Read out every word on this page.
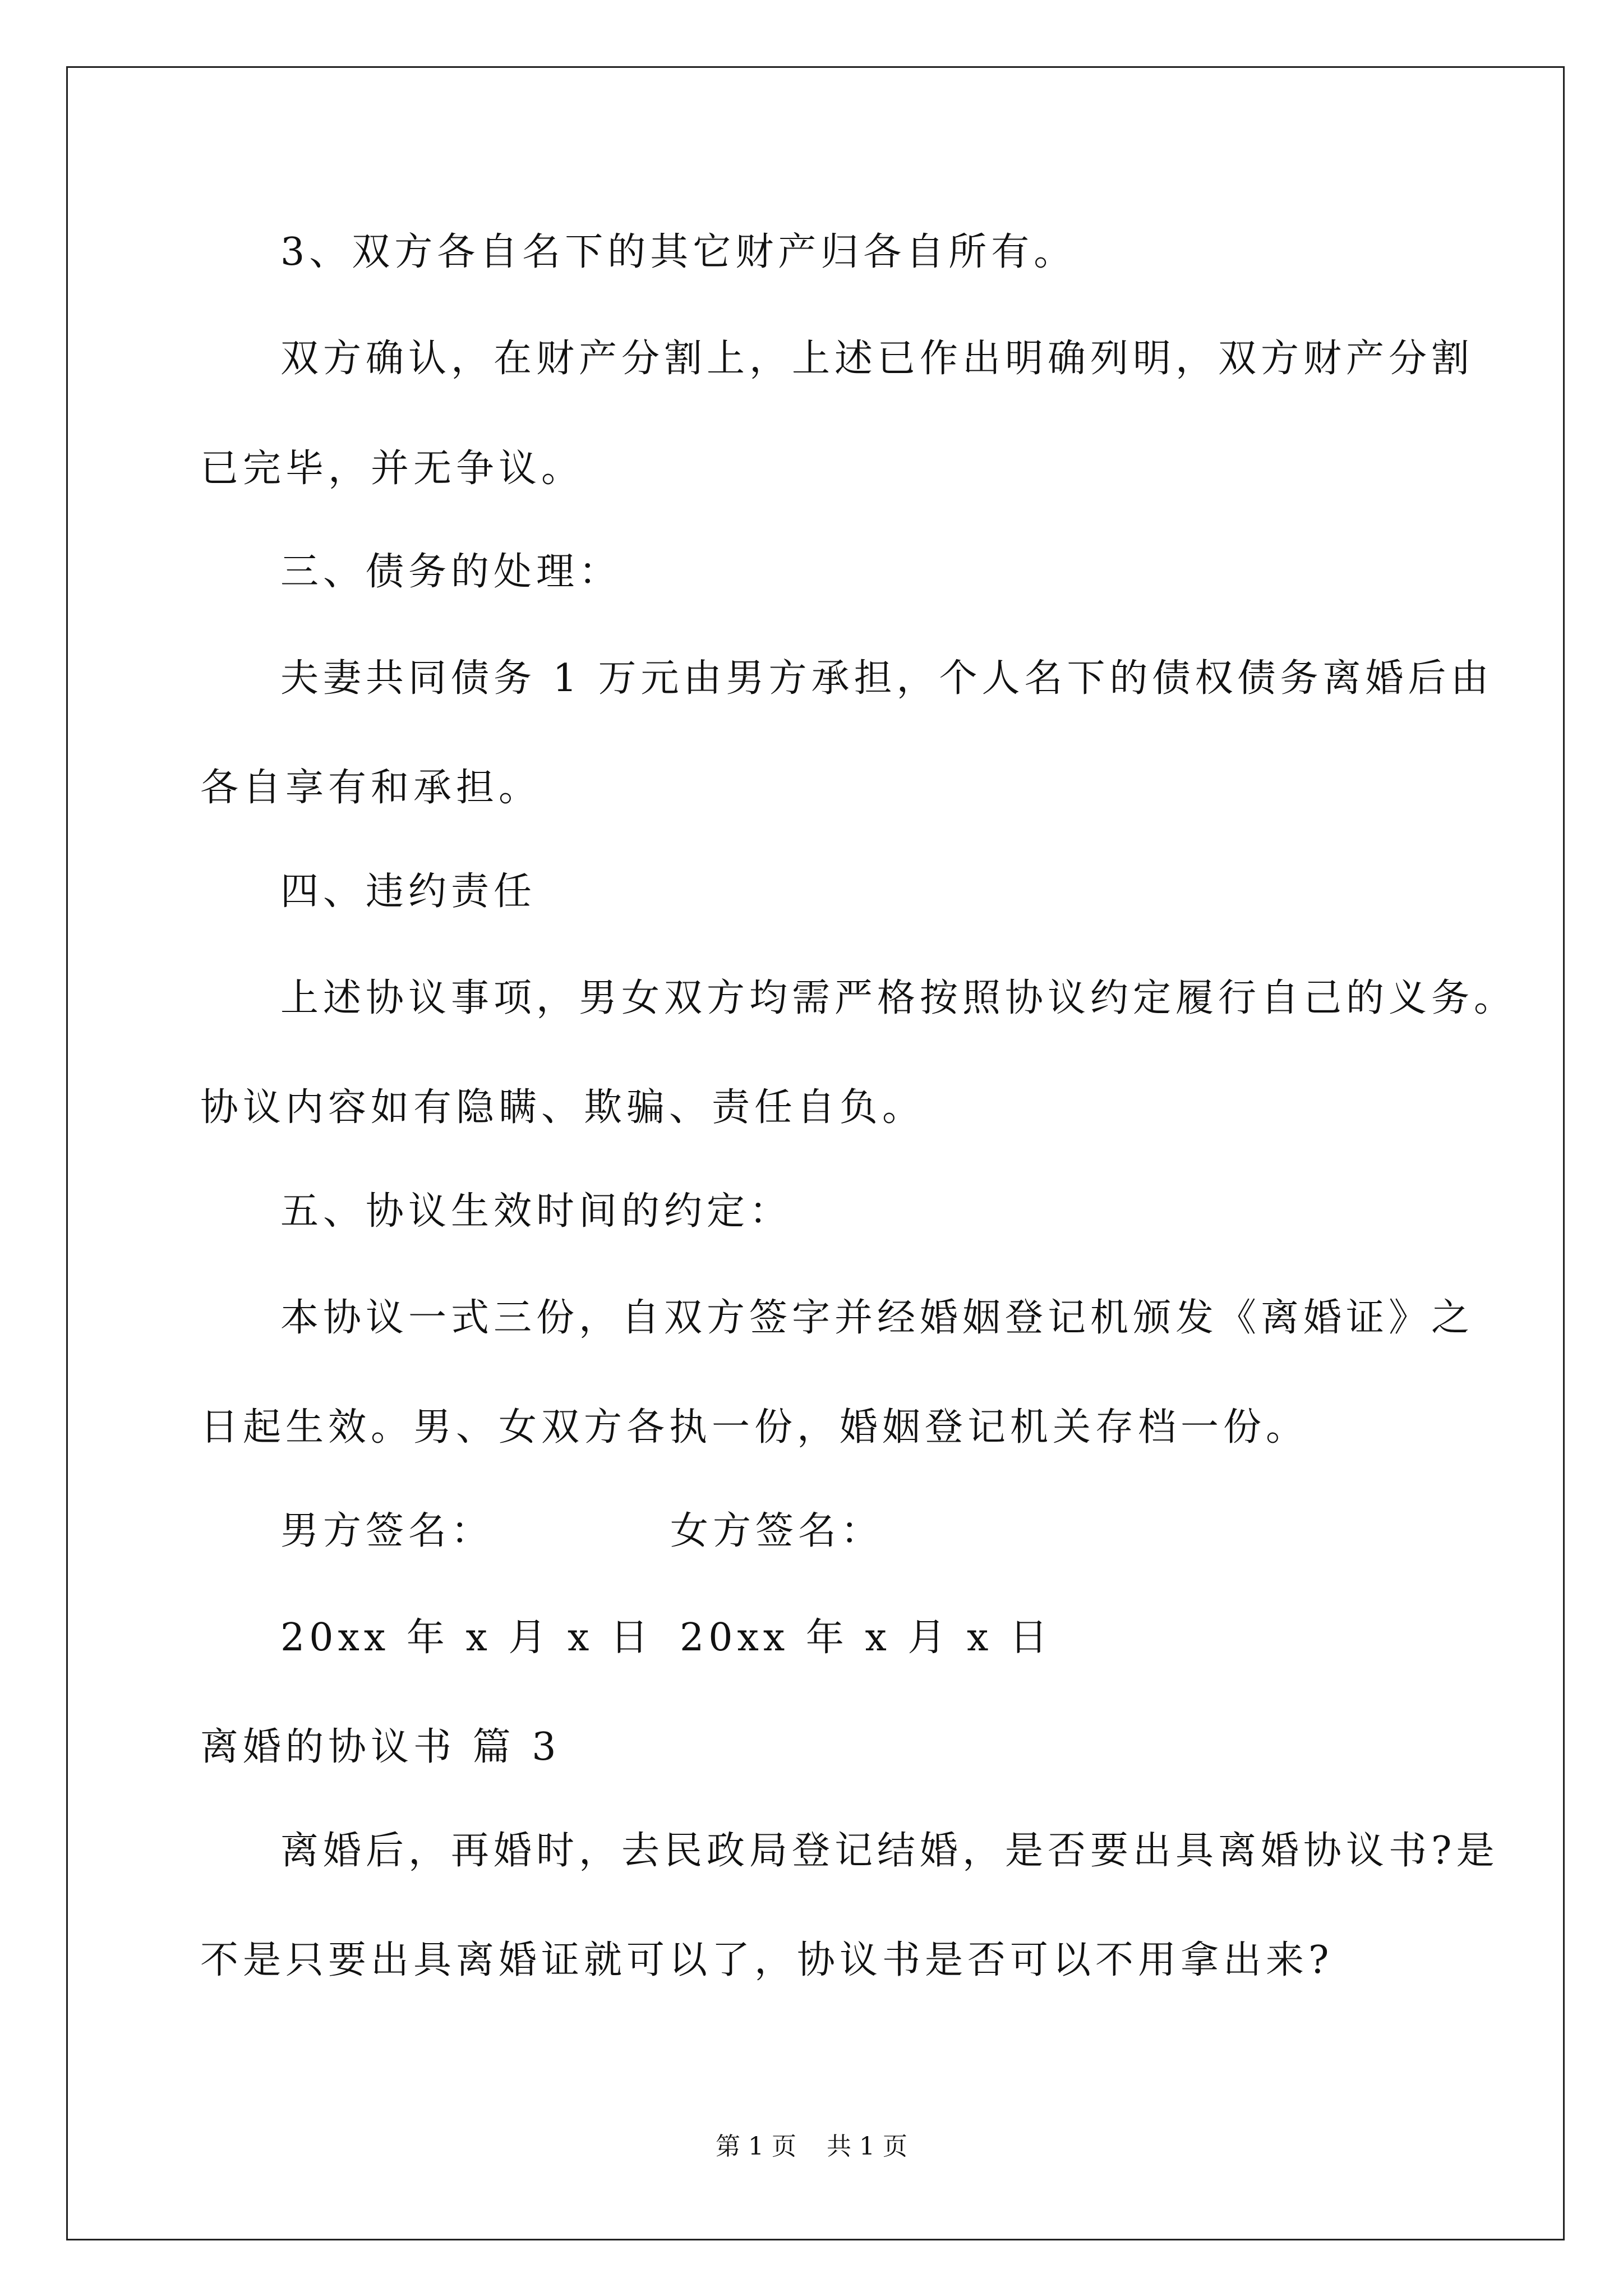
3、双方各自名下的其它财产归各自所有。
双方确认，在财产分割上，上述已作出明确列明，双方财产分割
已完毕，并无争议。
三、债务的处理：
夫妻共同债务 1 万元由男方承担，个人名下的债权债务离婚后由
各自享有和承担。
四、违约责任
上述协议事项，男女双方均需严格按照协议约定履行自己的义务。
协议内容如有隐瞒、欺骗、责任自负。
五、协议生效时间的约定：
本协议一式三份，自双方签字并经婚姻登记机颁发《离婚证》之
日起生效。男、女双方各执一份，婚姻登记机关存档一份。
男方签名：	女方签名：
20xx 年 x 月 x 日 20xx 年 x 月 x 日
离婚的协议书 篇 3
离婚后，再婚时，去民政局登记结婚，是否要出具离婚协议书?是
不是只要出具离婚证就可以了，协议书是否可以不用拿出来?
第 1 页 共 1 页
